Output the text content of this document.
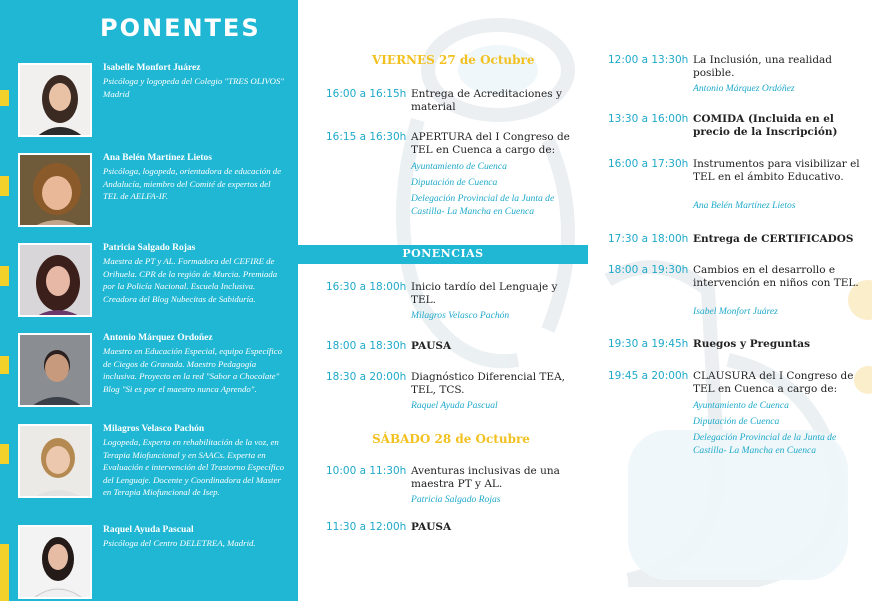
PONENTES
Isabelle Monfort Juárez
Psicóloga y logopeda del Colegio "TRES OLIVOS" Madrid
Ana Belén Martínez Lietos
Psicóloga, logopeda, orientadora de educación de Andalucía, miembro del Comité de expertos del TEL de AELFA-IF.
Patricia Salgado Rojas
Maestra de PT y AL. Formadora del CEFIRE de Orihuela. CPR de la región de Murcia. Premiada por la Policía Nacional. Escuela Inclusiva. Creadora del Blog Nubecitas de Sabiduría.
Antonio Márquez Ordoñez
Maestro en Educación Especial, equipo Específico de Ciegos de Granada. Maestro Pedagogía inclusiva. Proyecto en la red "Sabor a Chocolate" Blog "Si es por el maestro nunca Aprendo".
Milagros Velasco Pachón
Logopeda, Experta en rehabilitación de la voz, en Terapia Miofuncional y en SAACs. Experta en Evaluación e intervención del Trastorno Específico del Lenguaje. Docente y Coordinadora del Master en Terapia Miofuncional de Isep.
Raquel Ayuda Pascual
Psicóloga del Centro DELETREA, Madrid.
VIERNES 27 de Octubre
16:00 a 16:15h Entrega de Acreditaciones y material
16:15 a 16:30h APERTURA del I Congreso de TEL en Cuenca a cargo de:
Ayuntamiento de Cuenca
Diputación de Cuenca
Delegación Provincial de la Junta de Castilla- La Mancha en Cuenca
PONENCIAS
16:30 a 18:00h Inicio tardío del Lenguaje y TEL.
Milagros Velasco Pachón
18:00 a 18:30h PAUSA
18:30 a 20:00h Diagnóstico Diferencial TEA, TEL, TCS.
Raquel Ayuda Pascual
SÁBADO 28 de Octubre
10:00 a 11:30h Aventuras inclusivas de una maestra PT y AL.
Patricia Salgado Rojas
11:30 a 12:00h PAUSA
12:00 a 13:30h La Inclusión, una realidad posible.
Antonio Márquez Ordóñez
13:30 a 16:00h COMIDA (Incluida en el precio de la Inscripción)
16:00 a 17:30h Instrumentos para visibilizar el TEL en el ámbito Educativo.
Ana Belén Martínez Lietos
17:30 a 18:00h Entrega de CERTIFICADOS
18:00 a 19:30h Cambios en el desarrollo e intervención en niños con TEL.
Isabel Monfort Juárez
19:30 a 19:45h Ruegos y Preguntas
19:45 a 20:00h CLAUSURA del I Congreso de TEL en Cuenca a cargo de:
Ayuntamiento de Cuenca
Diputación de Cuenca
Delegación Provincial de la Junta de Castilla- La Mancha en Cuenca
